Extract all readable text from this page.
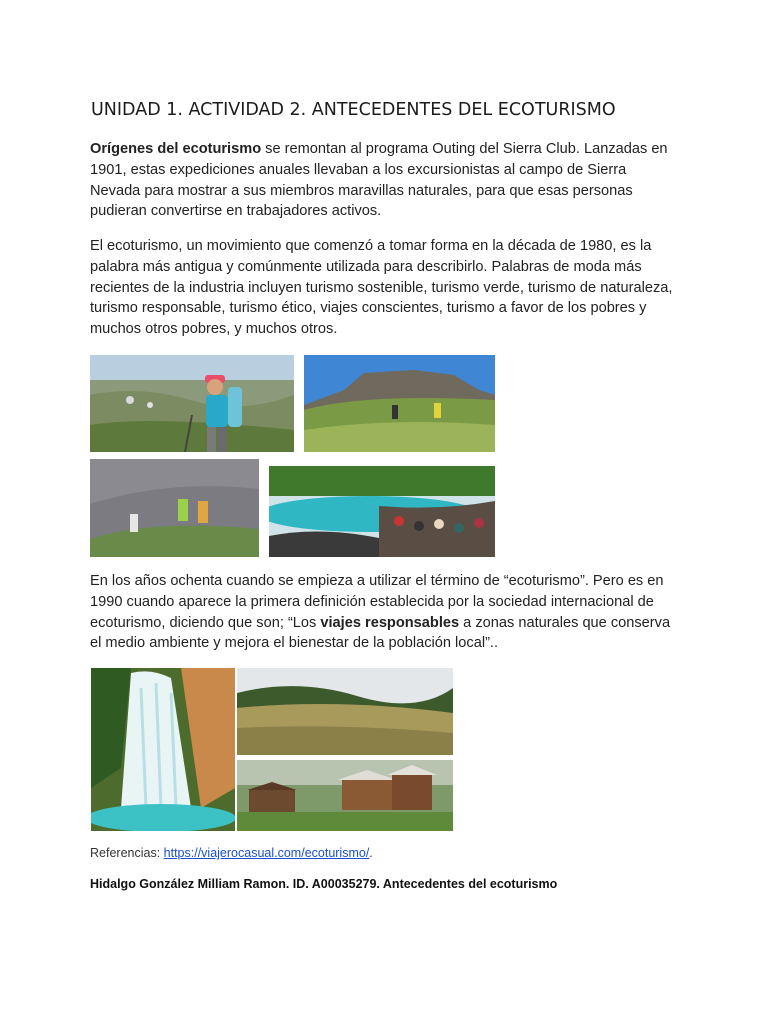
UNIDAD 1. ACTIVIDAD 2. ANTECEDENTES DEL ECOTURISMO
Orígenes del ecoturismo se remontan al programa Outing del Sierra Club. Lanzadas en 1901, estas expediciones anuales llevaban a los excursionistas al campo de Sierra Nevada para mostrar a sus miembros maravillas naturales, para que esas personas pudieran convertirse en trabajadores activos.
El ecoturismo, un movimiento que comenzó a tomar forma en la década de 1980, es la palabra más antigua y comúnmente utilizada para describirlo. Palabras de moda más recientes de la industria incluyen turismo sostenible, turismo verde, turismo de naturaleza, turismo responsable, turismo ético, viajes conscientes, turismo a favor de los pobres y muchos otros pobres, y muchos otros.
En los años ochenta cuando se empieza a utilizar el término de “ecoturismo”. Pero es en 1990 cuando aparece la primera definición establecida por la sociedad internacional de ecoturismo, diciendo que son; “Los viajes responsables a zonas naturales que conserva el medio ambiente y mejora el bienestar de la población local”..
Referencias: https://viajerocasual.com/ecoturismo/.
Hidalgo González Milliam Ramon. ID. A00035279. Antecedentes del ecoturismo
